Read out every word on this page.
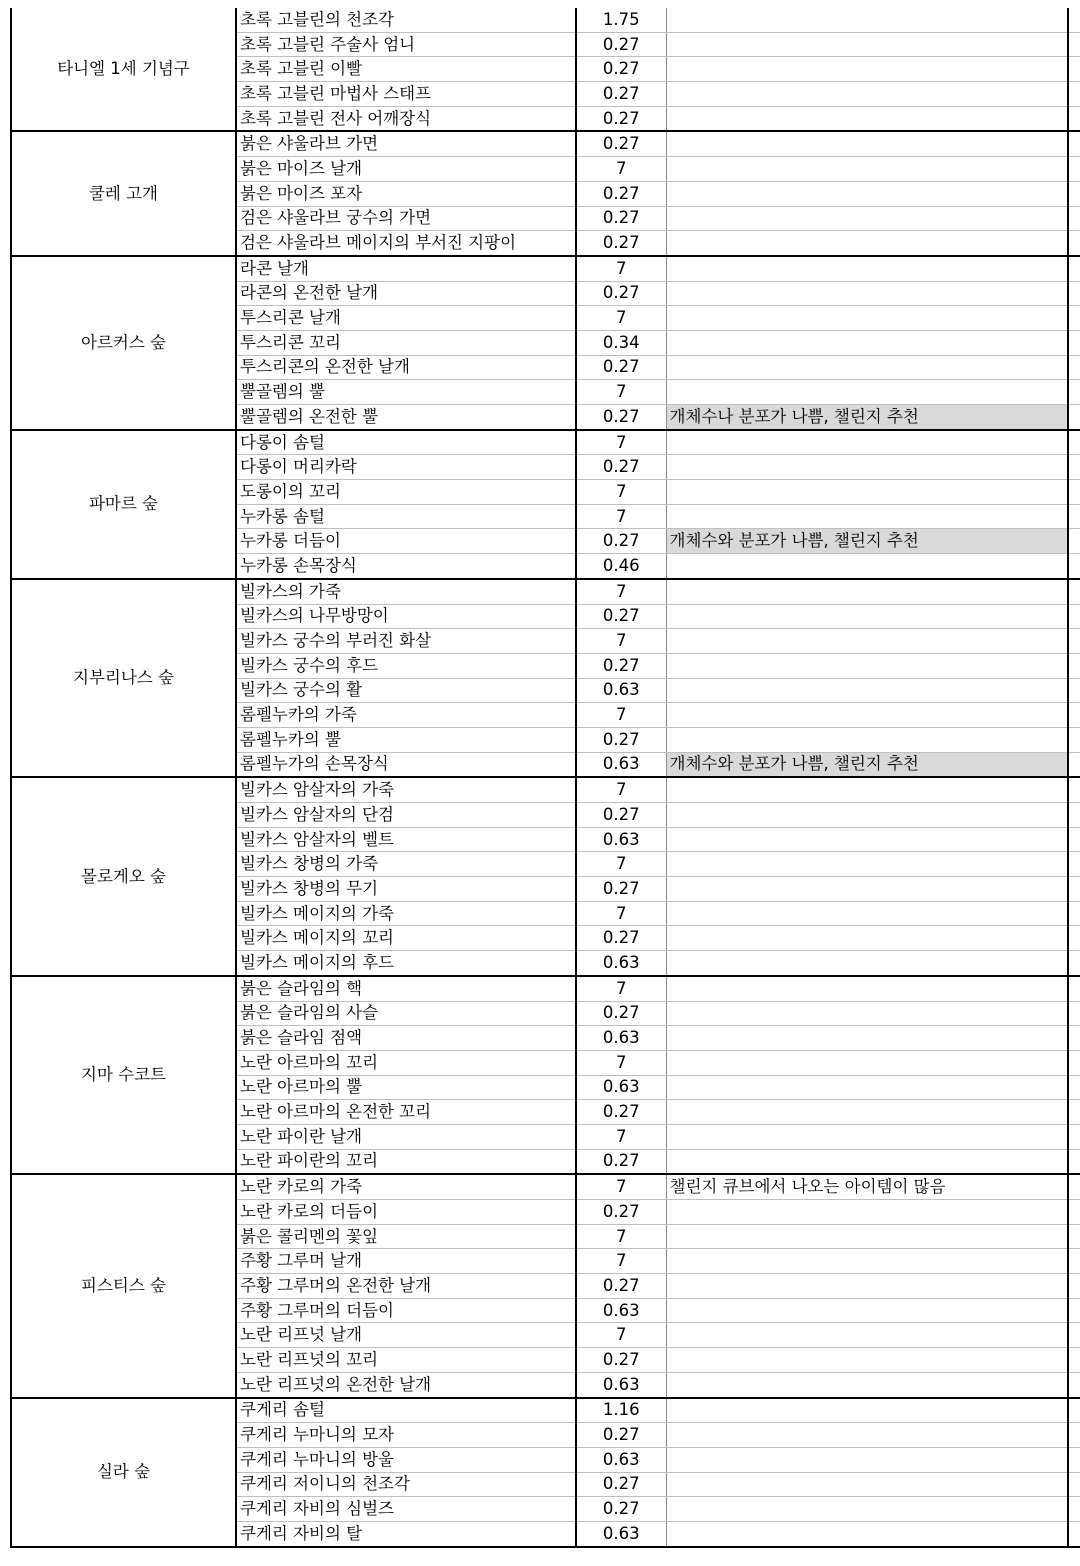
타니엘 1세 기념구	초록 고블린의 천조각	1.75		
	초록 고블린 주술사 엄니	0.27		
	초록 고블린 이빨	0.27		
	초록 고블린 마법사 스태프	0.27		
	초록 고블린 전사 어깨장식	0.27		
쿨레 고개	붉은 샤울라브 가면	0.27		
	붉은 마이즈 날개	7		
	붉은 마이즈 포자	0.27		
	검은 샤울라브 궁수의 가면	0.27		
	검은 샤울라브 메이지의 부서진 지팡이	0.27		
아르커스 숲	라콘 날개	7		
	라콘의 온전한 날개	0.27		
	투스리콘 날개	7		
	투스리콘 꼬리	0.34		
	투스리콘의 온전한 날개	0.27		
	뿔골렘의 뿔	7		
	뿔골렘의 온전한 뿔	0.27	개체수나 분포가 나쁨, 챌린지 추천	
파마르 숲	다롱이 솜털	7		
	다롱이 머리카락	0.27		
	도롱이의 꼬리	7		
	누카롱 솜털	7		
	누카롱 더듬이	0.27	개체수와 분포가 나쁨, 챌린지 추천	
	누카롱 손목장식	0.46		
지부리나스 숲	빌카스의 가죽	7		
	빌카스의 나무방망이	0.27		
	빌카스 궁수의 부러진 화살	7		
	빌카스 궁수의 후드	0.27		
	빌카스 궁수의 활	0.63		
	롬펠누카의 가죽	7		
	롬펠누카의 뿔	0.27		
	롬펠누가의 손목장식	0.63	개체수와 분포가 나쁨, 챌린지 추천	
몰로게오 숲	빌카스 암살자의 가죽	7		
	빌카스 암살자의 단검	0.27		
	빌카스 암살자의 벨트	0.63		
	빌카스 창병의 가죽	7		
	빌카스 창병의 무기	0.27		
	빌카스 메이지의 가죽	7		
	빌카스 메이지의 꼬리	0.27		
	빌카스 메이지의 후드	0.63		
지마 수코트	붉은 슬라임의 핵	7		
	붉은 슬라임의 사슬	0.27		
	붉은 슬라임 점액	0.63		
	노란 아르마의 꼬리	7		
	노란 아르마의 뿔	0.63		
	노란 아르마의 온전한 꼬리	0.27		
	노란 파이란 날개	7		
	노란 파이란의 꼬리	0.27		
피스티스 숲	노란 카로의 가죽	7	챌린지 큐브에서 나오는 아이템이 많음	
	노란 카로의 더듬이	0.27		
	붉은 콜리멘의 꽃잎	7		
	주황 그루머 날개	7		
	주황 그루머의 온전한 날개	0.27		
	주황 그루머의 더듬이	0.63		
	노란 리프넛 날개	7		
	노란 리프넛의 꼬리	0.27		
	노란 리프넛의 온전한 날개	0.63		
실라 숲	쿠게리 솜털	1.16		
	쿠게리 누마니의 모자	0.27		
	쿠게리 누마니의 방울	0.63		
	쿠게리 저이니의 천조각	0.27		
	쿠게리 자비의 심벌즈	0.27		
	쿠게리 자비의 탈	0.63		
